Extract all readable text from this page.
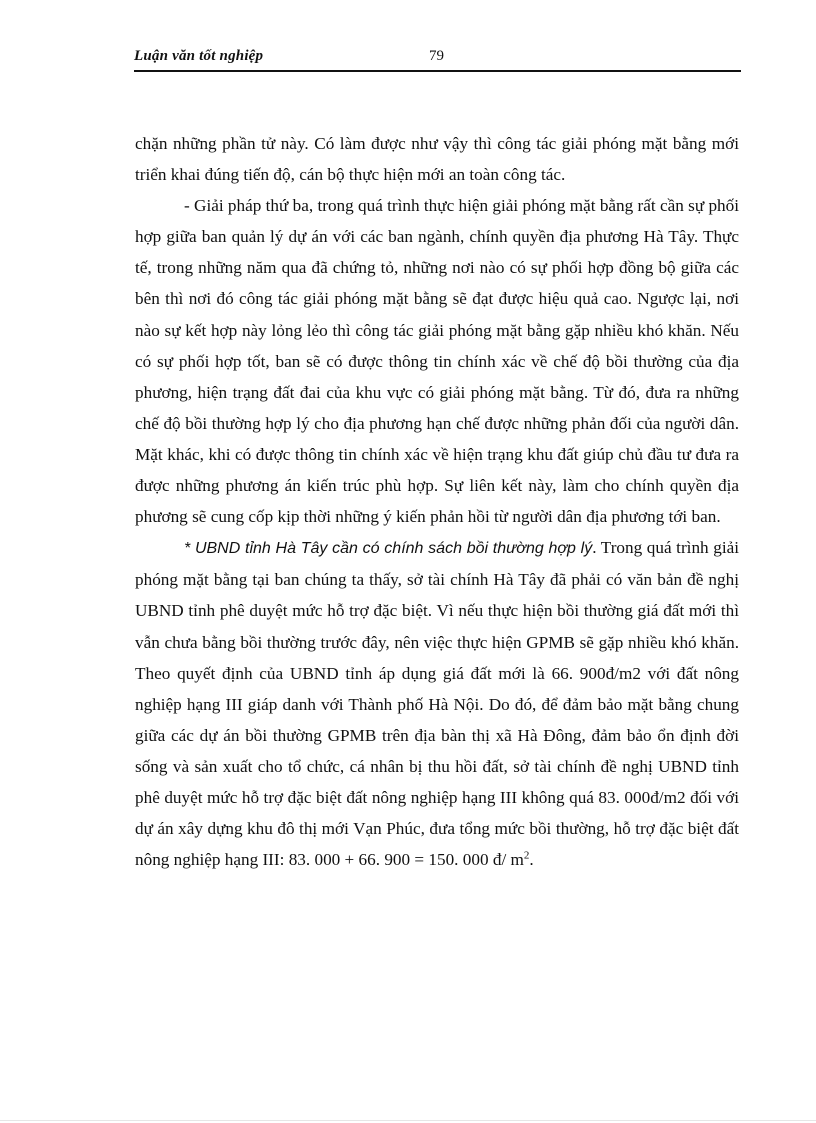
Luận văn tốt nghiệp	79

chặn những phần tử này. Có làm được như vậy thì công tác giải phóng mặt bằng mới triển khai đúng tiến độ, cán bộ thực hiện mới an toàn công tác.

- Giải pháp thứ ba, trong quá trình thực hiện giải phóng mặt bằng rất cần sự phối hợp giữa ban quản lý dự án với các ban ngành, chính quyền địa phương Hà Tây. Thực tế, trong những năm qua đã chứng tỏ, những nơi nào có sự phối hợp đồng bộ giữa các bên thì nơi đó công tác giải phóng mặt bằng sẽ đạt được hiệu quả cao. Ngược lại, nơi nào sự kết hợp này lỏng lẻo thì công tác giải phóng mặt bằng gặp nhiều khó khăn. Nếu có sự phối hợp tốt, ban sẽ có được thông tin chính xác về chế độ bồi thường của địa phương, hiện trạng đất đai của khu vực có giải phóng mặt bằng. Từ đó, đưa ra những chế độ bồi thường hợp lý cho địa phương hạn chế được những phản đối của người dân. Mặt khác, khi có được thông tin chính xác về hiện trạng khu đất giúp chủ đầu tư đưa ra được những phương án kiến trúc phù hợp. Sự liên kết này, làm cho chính quyền địa phương sẽ cung cốp kịp thời những ý kiến phản hồi từ người dân địa phương tới ban.

* UBND tỉnh Hà Tây cần có chính sách bồi thường hợp lý. Trong quá trình giải phóng mặt bằng tại ban chúng ta thấy, sở tài chính Hà Tây đã phải có văn bản đề nghị UBND tỉnh phê duyệt mức hỗ trợ đặc biệt. Vì nếu thực hiện bồi thường giá đất mới thì vẫn chưa bằng bồi thường trước đây, nên việc thực hiện GPMB sẽ gặp nhiều khó khăn. Theo quyết định của UBND tỉnh áp dụng giá đất mới là 66. 900đ/m2 với đất nông nghiệp hạng III giáp danh với Thành phố Hà Nội. Do đó, để đảm bảo mặt bằng chung giữa các dự án bồi thường GPMB trên địa bàn thị xã Hà Đông, đảm bảo ổn định đời sống và sản xuất cho tổ chức, cá nhân bị thu hồi đất, sở tài chính đề nghị UBND tỉnh phê duyệt mức hỗ trợ đặc biệt đất nông nghiệp hạng III không quá 83. 000đ/m2 đối với dự án xây dựng khu đô thị mới Vạn Phúc, đưa tổng mức bồi thường, hỗ trợ đặc biệt đất nông nghiệp hạng III: 83. 000 + 66. 900 = 150. 000 đ/ $m^2$.
